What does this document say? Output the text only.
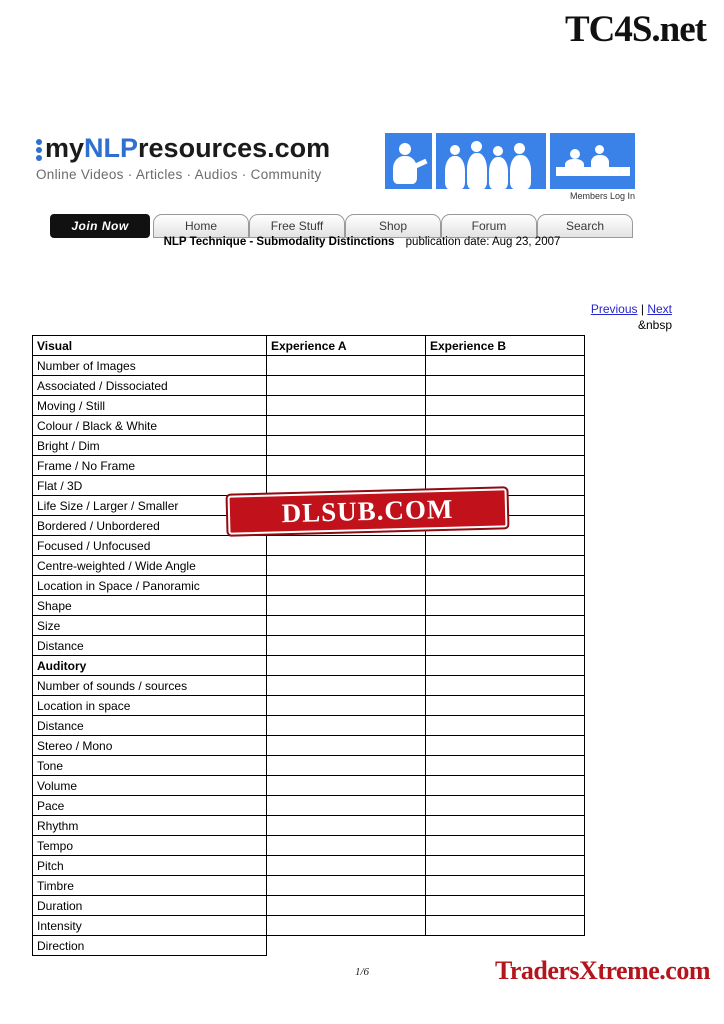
TC4S.net
myNLPresources.com
Online Videos · Articles · Audios · Community
Members Log In
Join Now	Home	Free Stuff	Shop	Forum	Search
NLP Technique - Submodality Distinctions publication date: Aug 23, 2007
Previous | Next
&nbsp
Visual	Experience A	Experience B
Number of Images		
Associated / Dissociated		
Moving / Still		
Colour / Black & White		
Bright / Dim		
Frame / No Frame		
Flat / 3D		
Life Size / Larger / Smaller		
Bordered / Unbordered		
Focused / Unfocused		
Centre-weighted / Wide Angle		
Location in Space / Panoramic		
Shape		
Size		
Distance		
Auditory		
Number of sounds / sources		
Location in space		
Distance		
Stereo / Mono		
Tone		
Volume		
Pace		
Rhythm		
Tempo		
Pitch		
Timbre		
Duration		
Intensity		
Direction		
DLSUB.COM
1/6	TradersXtreme.com
